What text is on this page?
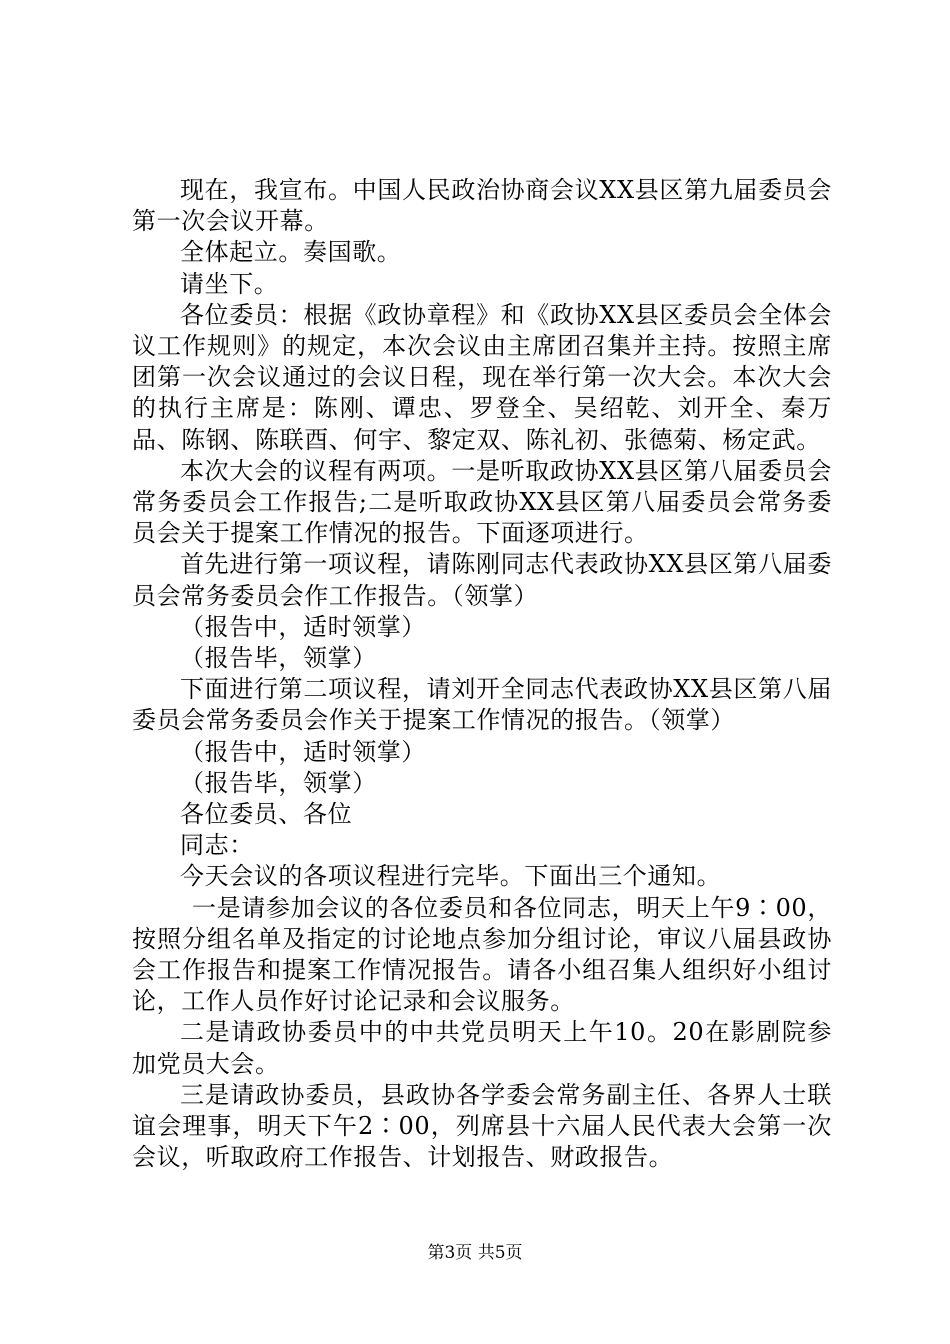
现在，我宣布。中国人民政治协商会议XX县区第九届委员会第一次会议开幕。

全体起立。奏国歌。

请坐下。

各位委员：根据《政协章程》和《政协XX县区委员会全体会议工作规则》的规定，本次会议由主席团召集并主持。按照主席团第一次会议通过的会议日程，现在举行第一次大会。本次大会的执行主席是：陈刚、谭忠、罗登全、吴绍乾、刘开全、秦万品、陈钢、陈联酉、何宇、黎定双、陈礼初、张德菊、杨定武。

本次大会的议程有两项。一是听取政协XX县区第八届委员会常务委员会工作报告;二是听取政协XX县区第八届委员会常务委员会关于提案工作情况的报告。下面逐项进行。

首先进行第一项议程，请陈刚同志代表政协XX县区第八届委员会常务委员会作工作报告。（领掌）

（报告中，适时领掌）

（报告毕，领掌）

下面进行第二项议程，请刘开全同志代表政协XX县区第八届委员会常务委员会作关于提案工作情况的报告。（领掌）

（报告中，适时领掌）

（报告毕，领掌）

各位委员、各位

同志：

今天会议的各项议程进行完毕。下面出三个通知。

一是请参加会议的各位委员和各位同志，明天上午9∶00，按照分组名单及指定的讨论地点参加分组讨论，审议八届县政协会工作报告和提案工作情况报告。请各小组召集人组织好小组讨论，工作人员作好讨论记录和会议服务。

二是请政协委员中的中共党员明天上午10。20在影剧院参加党员大会。

三是请政协委员，县政协各学委会常务副主任、各界人士联谊会理事，明天下午2∶00，列席县十六届人民代表大会第一次会议，听取政府工作报告、计划报告、财政报告。

第3页 共5页
